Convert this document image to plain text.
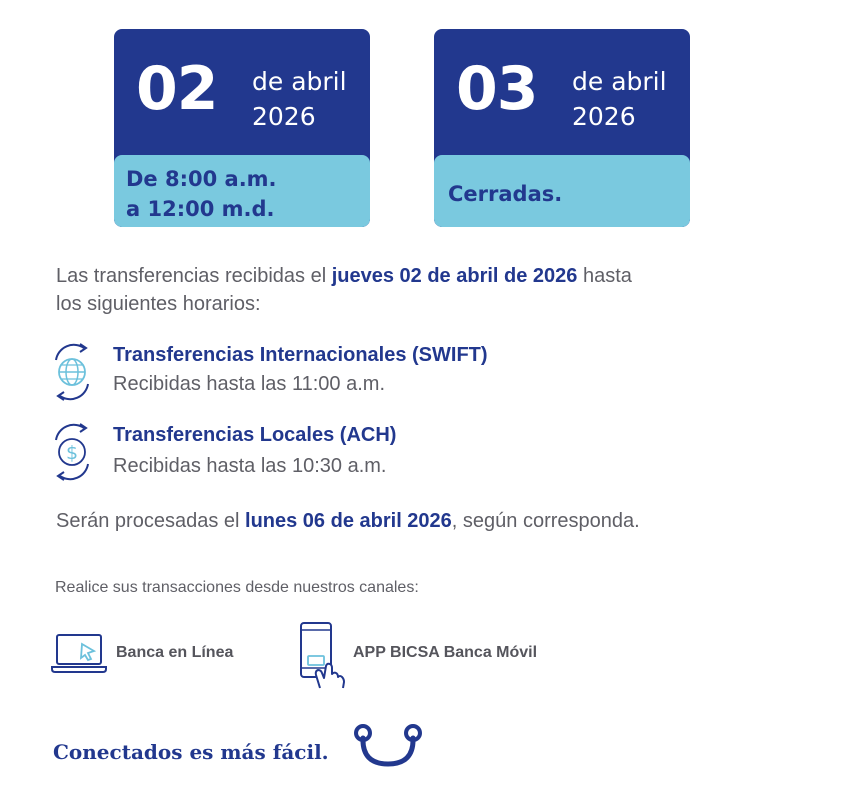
02 de abril
2026
De 8:00 a.m.
a 12:00 m.d.
03 de abril
2026
Cerradas.
Las transferencias recibidas el jueves 02 de abril de 2026 hasta
los siguientes horarios:
Transferencias Internacionales (SWIFT)
Recibidas hasta las 11:00 a.m.
$
Transferencias Locales (ACH)
Recibidas hasta las 10:30 a.m.
Serán procesadas el lunes 06 de abril 2026, según corresponda.
Realice sus transacciones desde nuestros canales:
Banca en Línea	APP BICSA Banca Móvil
Conectados es más fácil.
